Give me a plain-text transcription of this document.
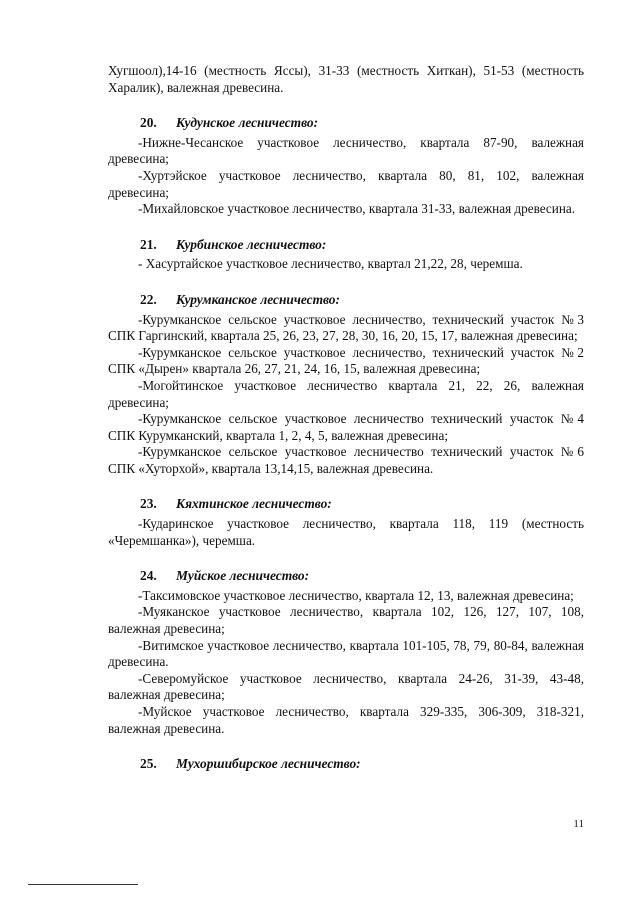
Хугшоол),14-16 (местность Яссы), 31-33 (местность Хиткан), 51-53 (местность Харалик), валежная древесина.

20. Кудунское лесничество:

-Нижне-Чесанское участковое лесничество, квартала 87-90, валежная древесина;

-Хуртэйское участковое лесничество, квартала 80, 81, 102, валежная древесина;

-Михайловское участковое лесничество, квартала 31-33, валежная древесина.

21. Курбинское лесничество:

- Хасуртайское участковое лесничество, квартал 21,22, 28, черемша.

22. Курумканское лесничество:

-Курумканское сельское участковое лесничество, технический участок №3 СПК Гаргинский, квартала 25, 26, 23, 27, 28, 30, 16, 20, 15, 17, валежная древесина;

-Курумканское сельское участковое лесничество, технический участок №2 СПК «Дырен» квартала 26, 27, 21, 24, 16, 15, валежная древесина;

-Могойтинское участковое лесничество квартала 21, 22, 26, валежная древесина;

-Курумканское сельское участковое лесничество технический участок №4 СПК Курумканский, квартала 1, 2, 4, 5, валежная древесина;

-Курумканское сельское участковое лесничество технический участок №6 СПК «Хуторхой», квартала 13,14,15, валежная древесина.

23. Кяхтинское лесничество:

-Кударинское участковое лесничество, квартала 118, 119 (местность «Черемшанка»), черемша.

24. Муйское лесничество:

-Таксимовское участковое лесничество, квартала 12, 13, валежная древесина;

-Муяканское участковое лесничество, квартала 102, 126, 127, 107, 108, валежная древесина;

-Витимское участковое лесничество, квартала 101-105, 78, 79, 80-84, валежная древесина.

-Северомуйское участковое лесничество, квартала 24-26, 31-39, 43-48, валежная древесина;

-Муйское участковое лесничество, квартала 329-335, 306-309, 318-321, валежная древесина.

25. Мухоршибирское лесничество:

11
